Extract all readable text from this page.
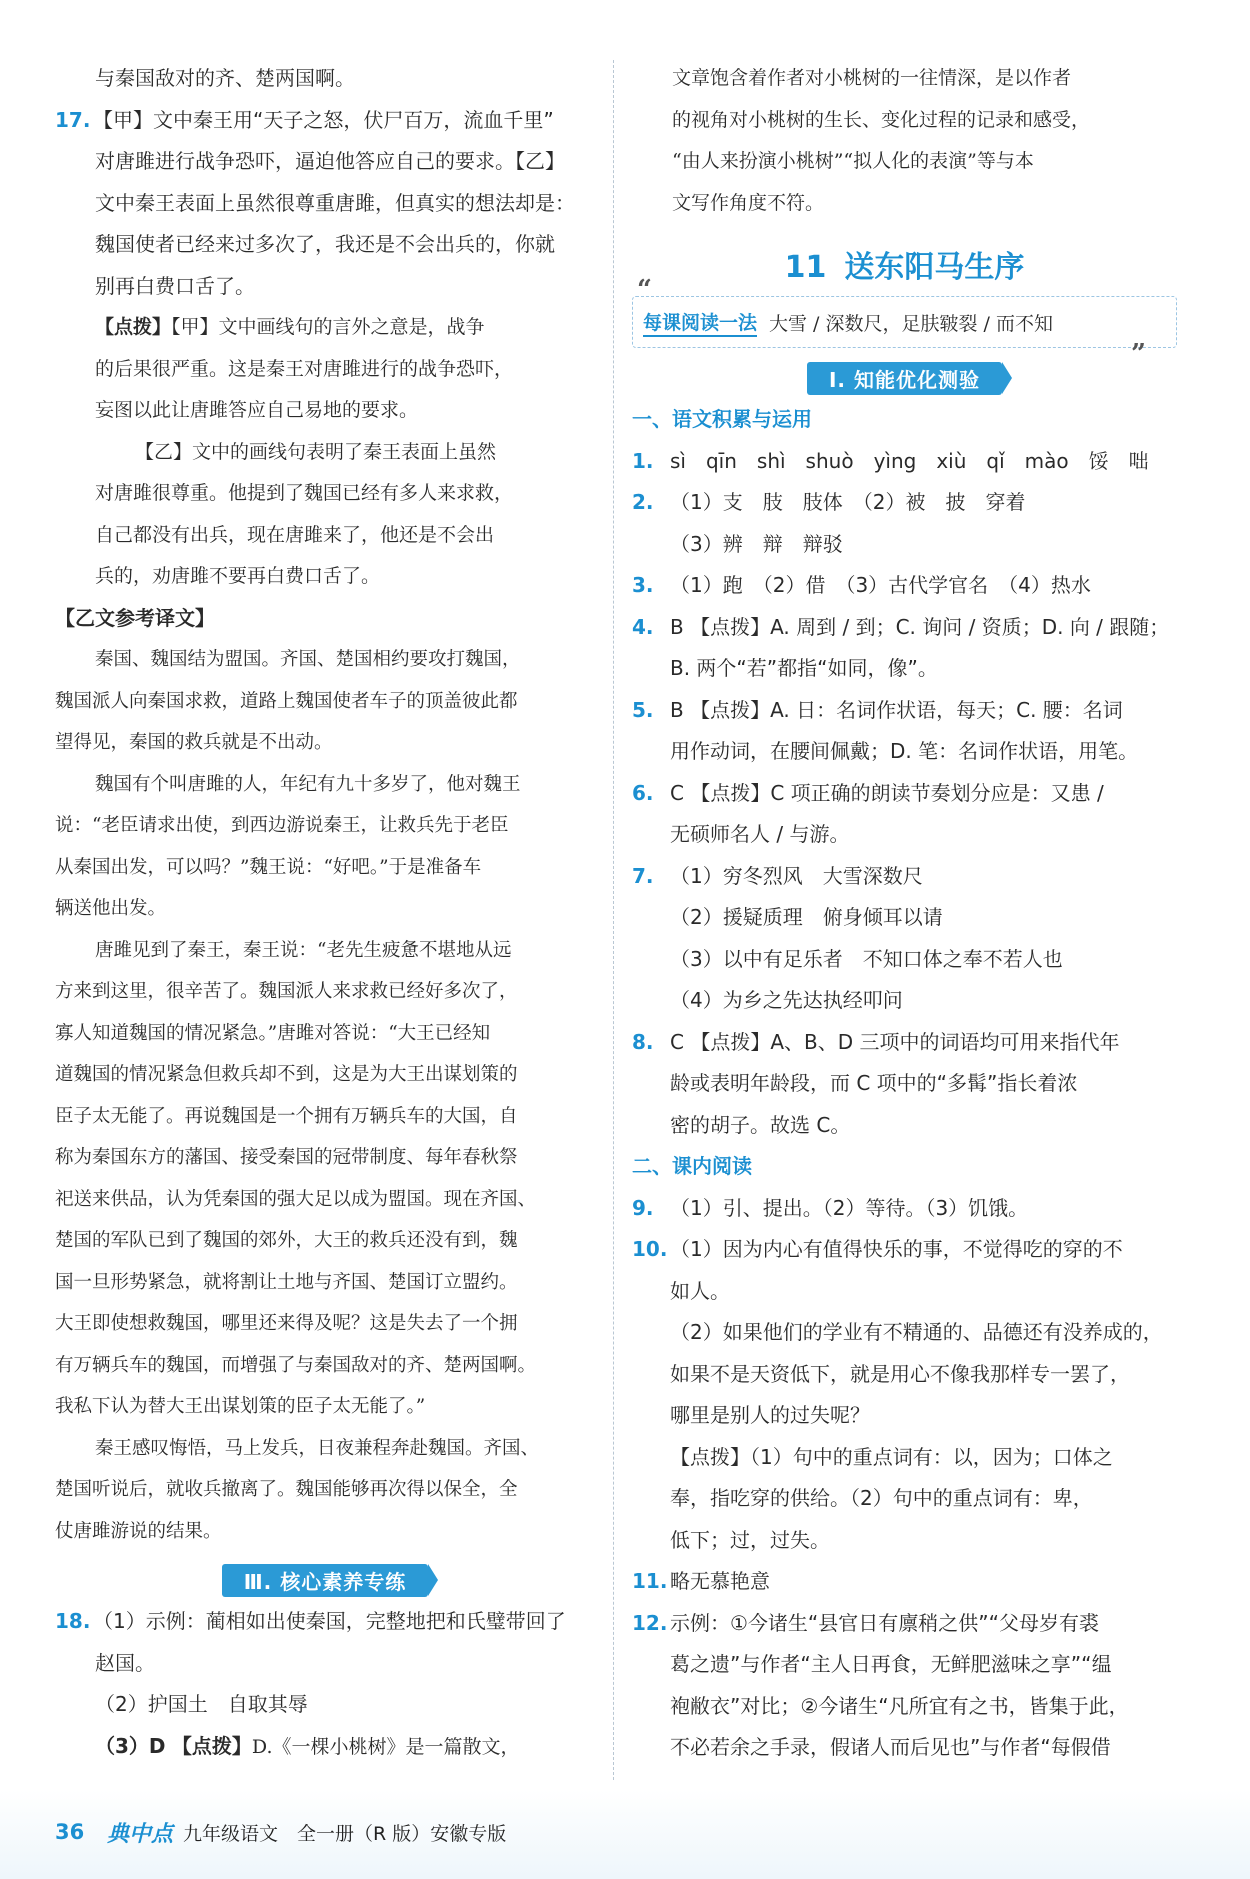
与秦国敌对的齐、楚两国啊。

17. 【甲】文中秦王用“天子之怒，伏尸百万，流血千里”

对唐雎进行战争恐吓，逼迫他答应自己的要求。【乙】

文中秦王表面上虽然很尊重唐雎，但真实的想法却是：

魏国使者已经来过多次了，我还是不会出兵的，你就

别再白费口舌了。

【点拨】【甲】文中画线句的言外之意是，战争

的后果很严重。这是秦王对唐雎进行的战争恐吓，

妄图以此让唐雎答应自己易地的要求。

【乙】文中的画线句表明了秦王表面上虽然

对唐雎很尊重。他提到了魏国已经有多人来求救，

自己都没有出兵，现在唐雎来了，他还是不会出

兵的，劝唐雎不要再白费口舌了。

【乙文参考译文】

秦国、魏国结为盟国。齐国、楚国相约要攻打魏国，

魏国派人向秦国求救，道路上魏国使者车子的顶盖彼此都

望得见，秦国的救兵就是不出动。

魏国有个叫唐雎的人，年纪有九十多岁了，他对魏王

说：“老臣请求出使，到西边游说秦王，让救兵先于老臣

从秦国出发，可以吗？”魏王说：“好吧。”于是准备车

辆送他出发。

唐雎见到了秦王，秦王说：“老先生疲惫不堪地从远

方来到这里，很辛苦了。魏国派人来求救已经好多次了，

寡人知道魏国的情况紧急。”唐雎对答说：“大王已经知

道魏国的情况紧急但救兵却不到，这是为大王出谋划策的

臣子太无能了。再说魏国是一个拥有万辆兵车的大国，自

称为秦国东方的藩国、接受秦国的冠带制度、每年春秋祭

祀送来供品，认为凭秦国的强大足以成为盟国。现在齐国、

楚国的军队已到了魏国的郊外，大王的救兵还没有到，魏

国一旦形势紧急，就将割让土地与齐国、楚国订立盟约。

大王即使想救魏国，哪里还来得及呢？这是失去了一个拥

有万辆兵车的魏国，而增强了与秦国敌对的齐、楚两国啊。

我私下认为替大王出谋划策的臣子太无能了。”

秦王感叹悔悟，马上发兵，日夜兼程奔赴魏国。齐国、

楚国听说后，就收兵撤离了。魏国能够再次得以保全，全

仗唐雎游说的结果。

Ⅲ. 核心素养专练

18. （1）示例：蔺相如出使秦国，完整地把和氏璧带回了

赵国。

（2）护国土　自取其辱

（3）D 【点拨】D.《一棵小桃树》是一篇散文，

文章饱含着作者对小桃树的一往情深，是以作者

的视角对小桃树的生长、变化过程的记录和感受，

“由人来扮演小桃树”“拟人化的表演”等与本

文写作角度不符。

11 送东阳马生序
“
每课阅读一法 大雪 / 深数尺，足肤皲裂 / 而不知
”
Ⅰ. 知能优化测验

一、语文积累与运用

1. sì　qīn　shì　shuò　yìng　xiù　qǐ　mào　馁　咄

2. （1）支　肢　肢体　（2）被　披　穿着

（3）辨　辩　辩驳

3. （1）跑　（2）借　（3）古代学官名　（4）热水

4. B 【点拨】A. 周到 / 到；C. 询问 / 资质；D. 向 / 跟随；

B. 两个“若”都指“如同，像”。

5. B 【点拨】A. 日：名词作状语，每天；C. 腰：名词

用作动词，在腰间佩戴；D. 笔：名词作状语，用笔。

6. C 【点拨】C 项正确的朗读节奏划分应是：又患 /

无硕师名人 / 与游。

7. （1）穷冬烈风　大雪深数尺

（2）援疑质理　俯身倾耳以请

（3）以中有足乐者　不知口体之奉不若人也

（4）为乡之先达执经叩问

8. C 【点拨】A、B、D 三项中的词语均可用来指代年

龄或表明年龄段，而 C 项中的“多髯”指长着浓

密的胡子。故选 C。

二、课内阅读

9. （1）引、提出。（2）等待。（3）饥饿。

10. （1）因为内心有值得快乐的事，不觉得吃的穿的不

如人。

（2）如果他们的学业有不精通的、品德还有没养成的，

如果不是天资低下，就是用心不像我那样专一罢了，

哪里是别人的过失呢？

【点拨】（1）句中的重点词有：以，因为；口体之

奉，指吃穿的供给。（2）句中的重点词有：卑，

低下；过，过失。

11. 略无慕艳意

12. 示例：①今诸生“县官日有廪稍之供”“父母岁有裘

葛之遗”与作者“主人日再食，无鲜肥滋味之享”“缊

袍敝衣”对比；②今诸生“凡所宜有之书，皆集于此，

不必若余之手录，假诸人而后见也”与作者“每假借

36	典中点 九年级语文　全一册（R 版）安徽专版
